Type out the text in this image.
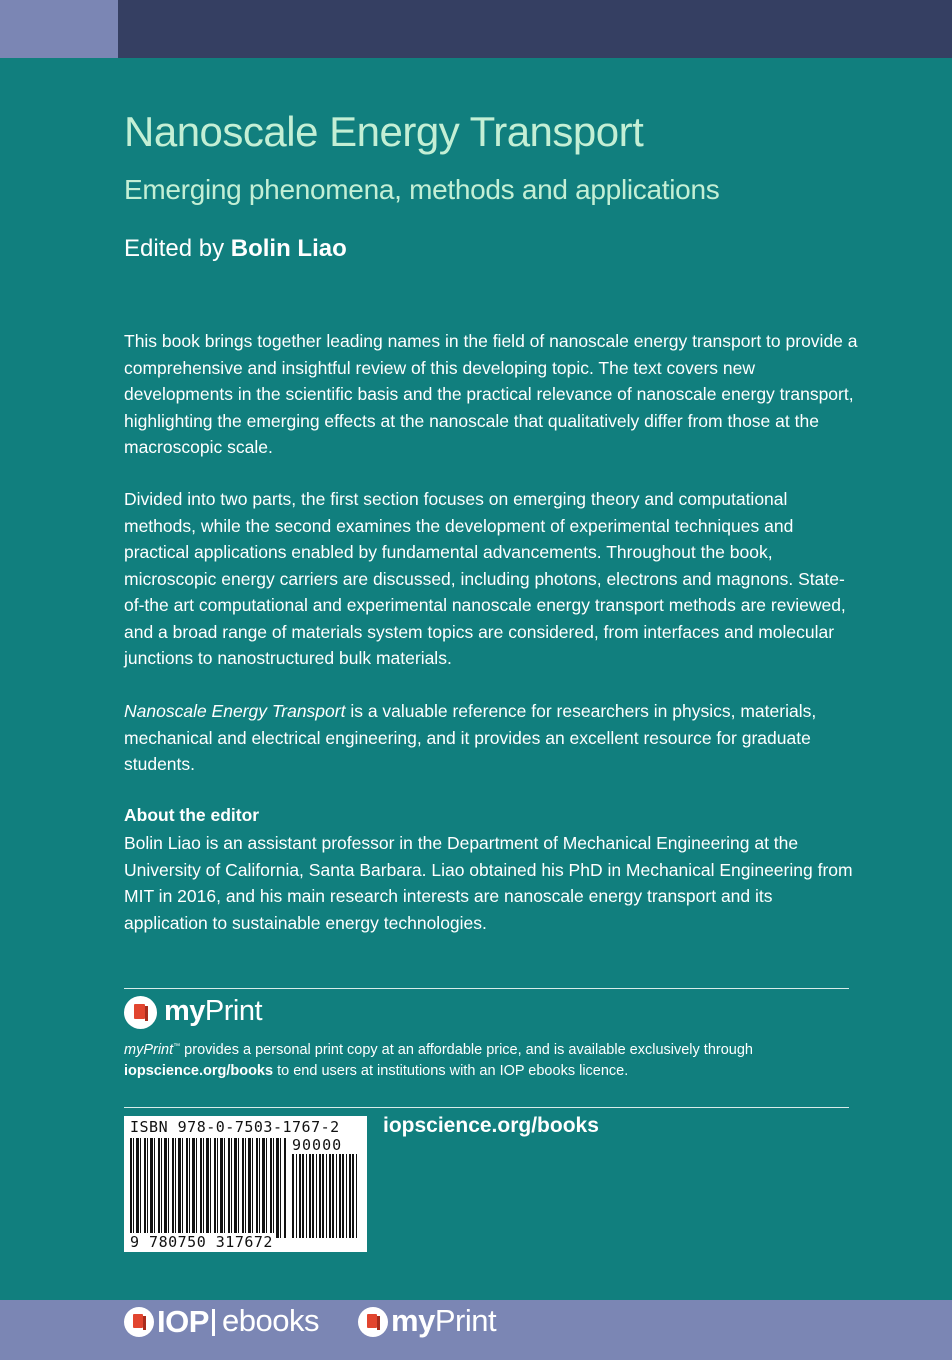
Nanoscale Energy Transport
Emerging phenomena, methods and applications
Edited by Bolin Liao

This book brings together leading names in the field of nanoscale energy transport to provide a comprehensive and insightful review of this developing topic. The text covers new developments in the scientific basis and the practical relevance of nanoscale energy transport, highlighting the emerging effects at the nanoscale that qualitatively differ from those at the macroscopic scale.

Divided into two parts, the first section focuses on emerging theory and computational methods, while the second examines the development of experimental techniques and practical applications enabled by fundamental advancements. Throughout the book, microscopic energy carriers are discussed, including photons, electrons and magnons. State-of-the art computational and experimental nanoscale energy transport methods are reviewed, and a broad range of materials system topics are considered, from interfaces and molecular junctions to nanostructured bulk materials.

Nanoscale Energy Transport is a valuable reference for researchers in physics, materials, mechanical and electrical engineering, and it provides an excellent resource for graduate students.

About the editor

Bolin Liao is an assistant professor in the Department of Mechanical Engineering at the University of California, Santa Barbara. Liao obtained his PhD in Mechanical Engineering from MIT in 2016, and his main research interests are nanoscale energy transport and its application to sustainable energy technologies.

myPrint

myPrint™ provides a personal print copy at an affordable price, and is available exclusively through
iopscience.org/books to end users at institutions with an IOP ebooks licence.

ISBN 978-0-7503-1767-2
90000
9 780750 317672
iopscience.org/books
IOP ebooks myPrint
